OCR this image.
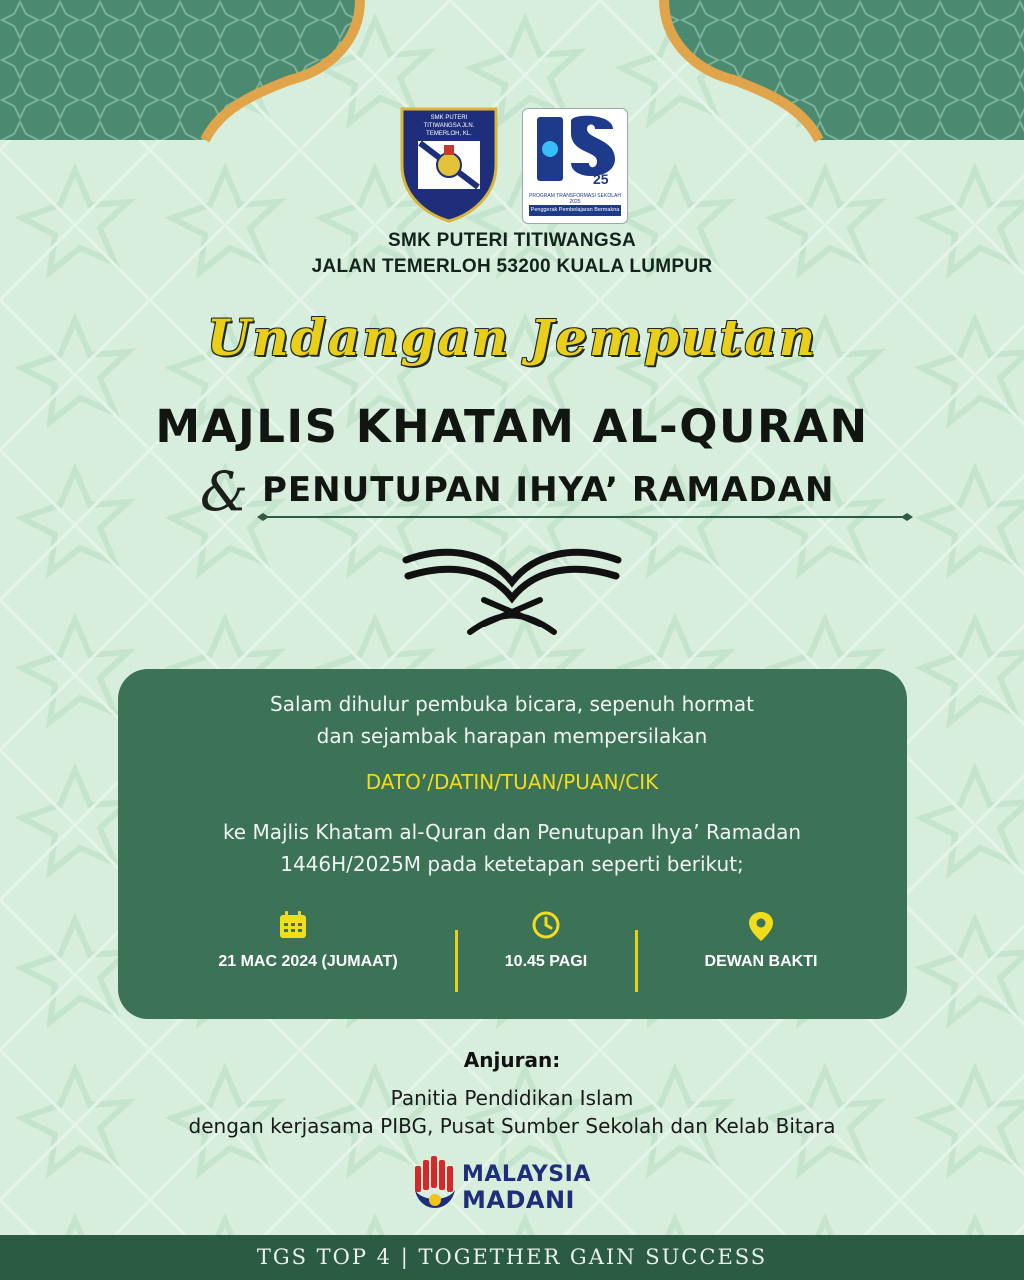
SMK PUTERI TITIWANGSA JLN. TEMERLOH, KL.
25
PROGRAM TRANSFORMASI SEKOLAH 2025
Penggerak Pembelajaran Bermakna
SMK PUTERI TITIWANGSA
JALAN TEMERLOH 53200 KUALA LUMPUR
Undangan Jemputan
MAJLIS KHATAM AL-QURAN
& PENUTUPAN IHYA’ RAMADAN
Salam dihulur pembuka bicara, sepenuh hormat
dan sejambak harapan mempersilakan
DATO’/DATIN/TUAN/PUAN/CIK
ke Majlis Khatam al-Quran dan Penutupan Ihya’ Ramadan
1446H/2025M pada ketetapan seperti berikut;
21 MAC 2024 (JUMAAT)	10.45 PAGI	DEWAN BAKTI
Anjuran:
Panitia Pendidikan Islam
dengan kerjasama PIBG, Pusat Sumber Sekolah dan Kelab Bitara
MALAYSIA
MADANI
TGS TOP 4 | TOGETHER GAIN SUCCESS
